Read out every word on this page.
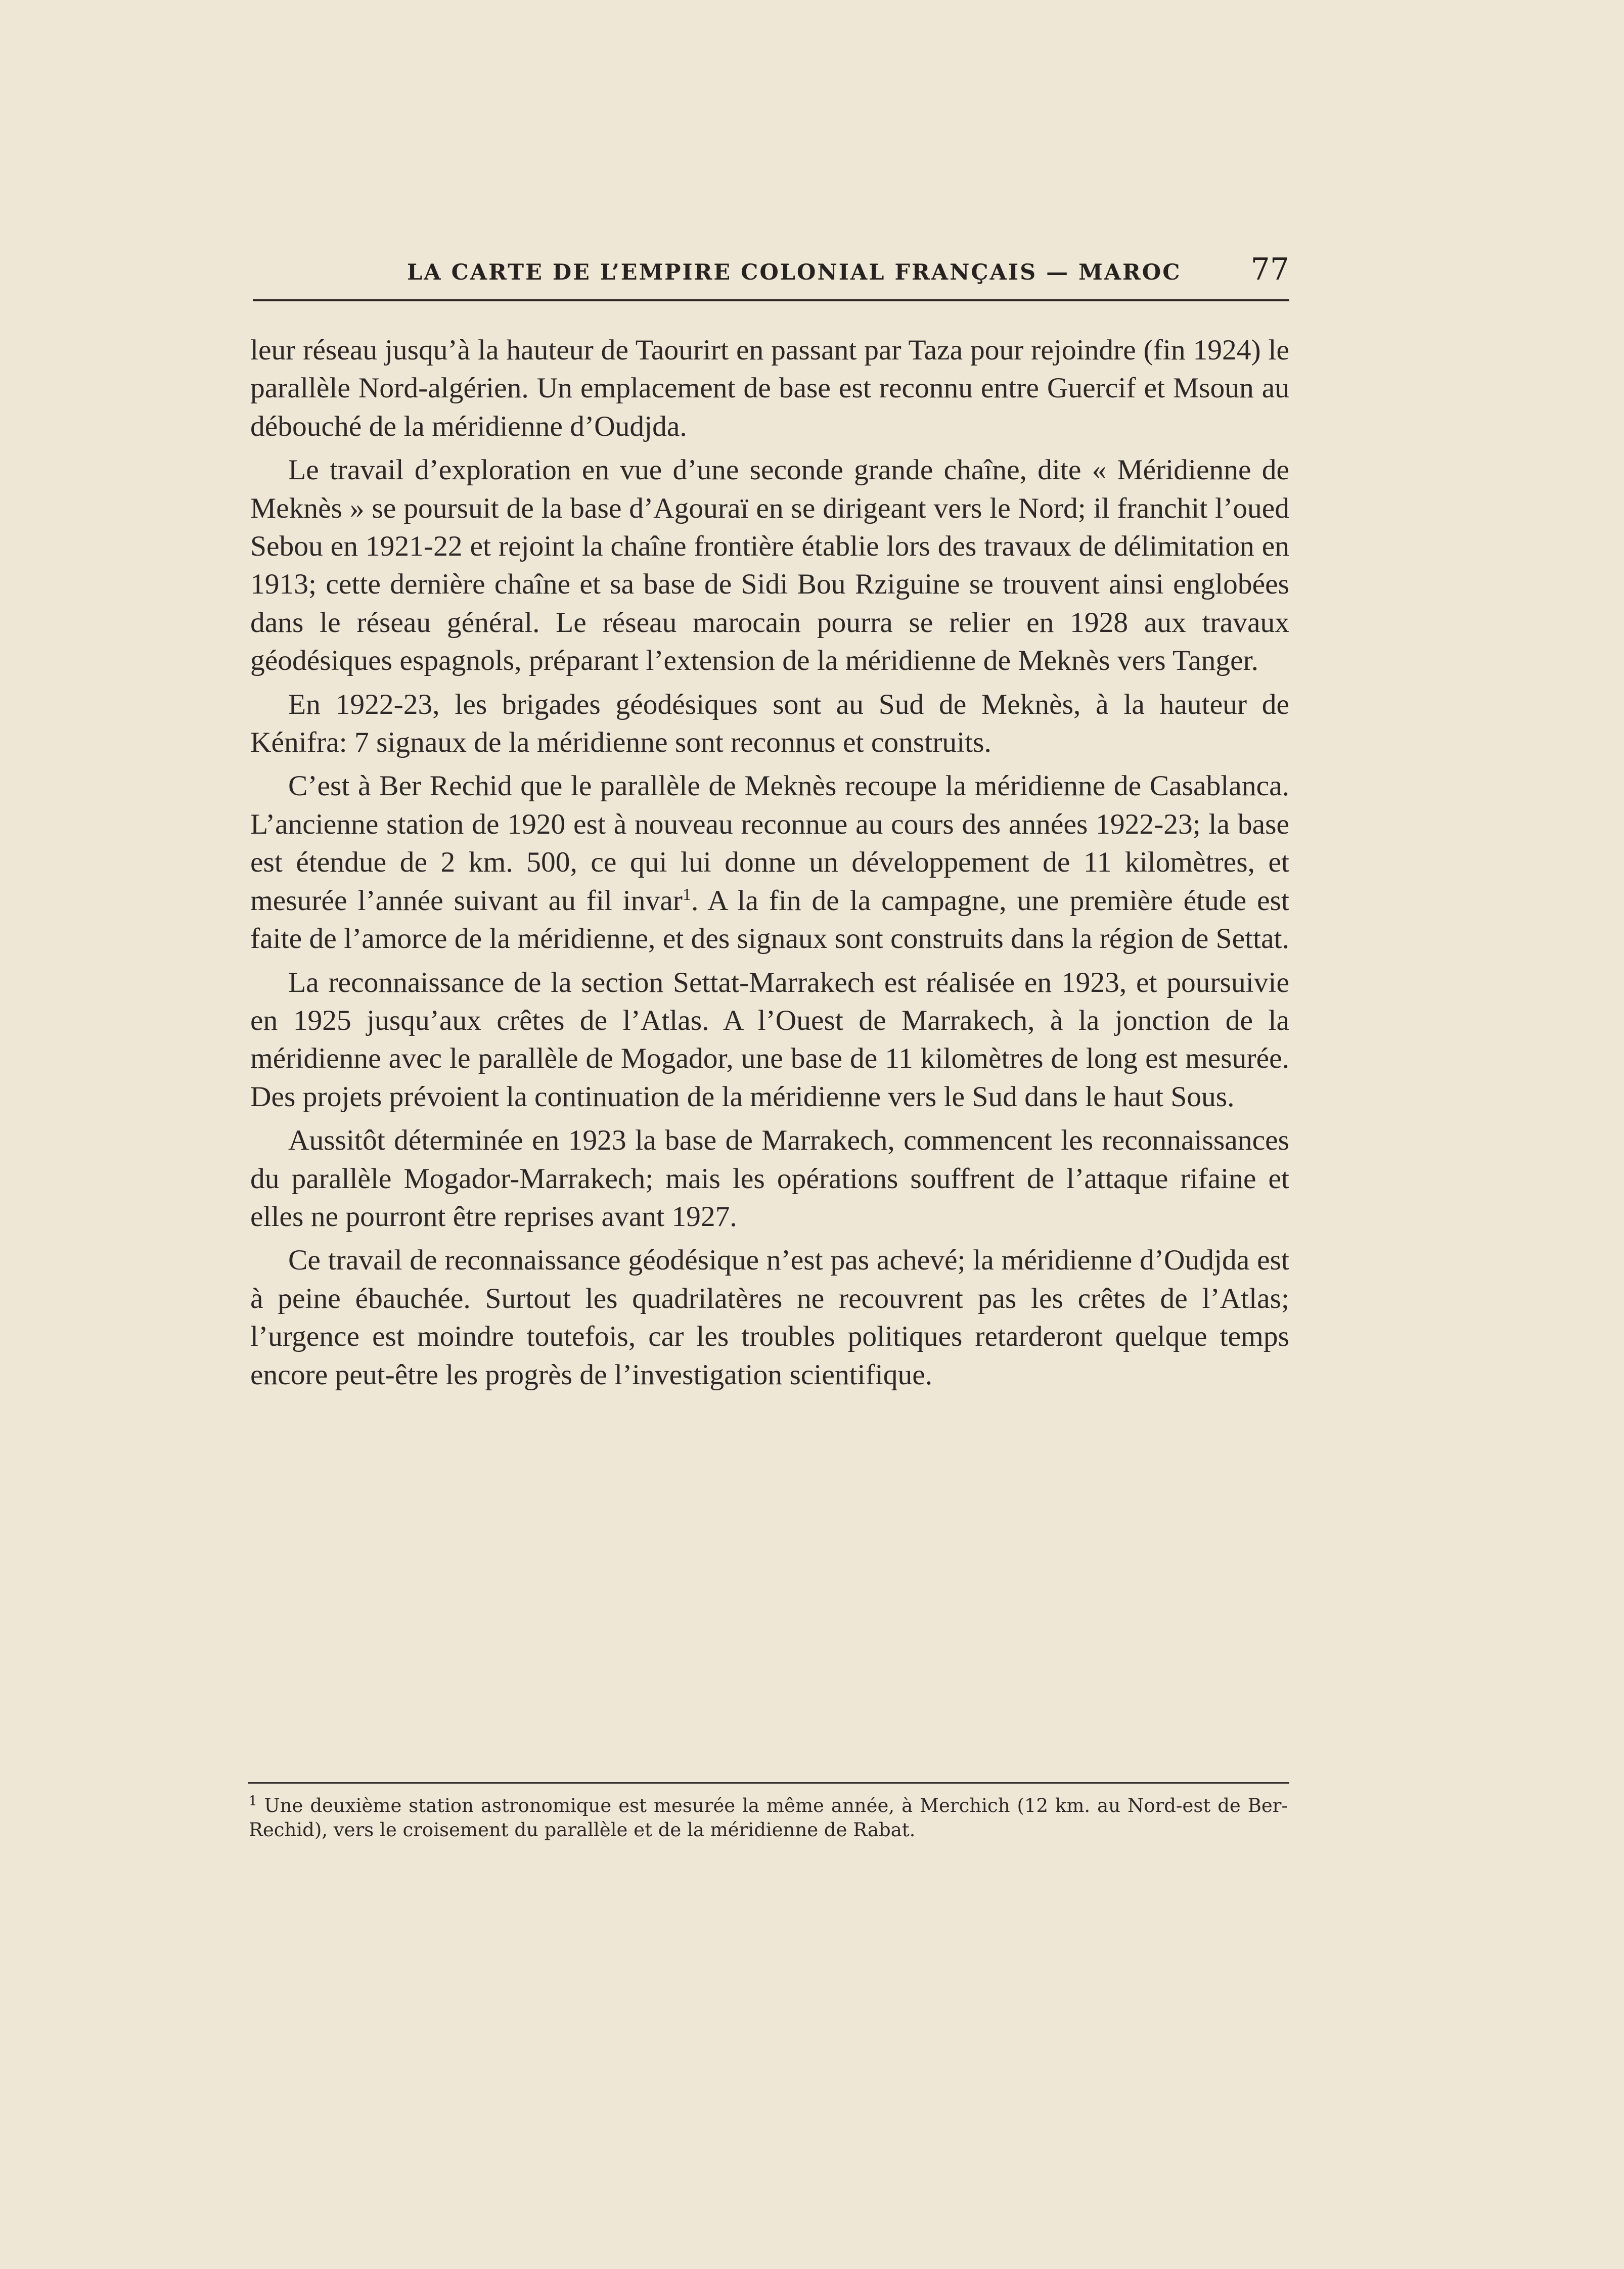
LA CARTE DE L’EMPIRE COLONIAL FRANÇAIS — MAROC 77

leur réseau jusqu’à la hauteur de Taourirt en passant par Taza pour rejoindre (fin 1924) le parallèle Nord-algérien. Un emplacement de base est reconnu entre Guercif et Msoun au débouché de la méridienne d’Oudjda.

Le travail d’exploration en vue d’une seconde grande chaîne, dite « Méridienne de Meknès » se poursuit de la base d’Agouraï en se dirigeant vers le Nord; il franchit l’oued Sebou en 1921-22 et rejoint la chaîne frontière établie lors des travaux de délimitation en 1913; cette dernière chaîne et sa base de Sidi Bou Rziguine se trouvent ainsi englobées dans le réseau général. Le réseau marocain pourra se relier en 1928 aux travaux géodésiques espagnols, préparant l’extension de la méridienne de Meknès vers Tanger.

En 1922-23, les brigades géodésiques sont au Sud de Meknès, à la hauteur de Kénifra: 7 signaux de la méridienne sont reconnus et construits.

C’est à Ber Rechid que le parallèle de Meknès recoupe la méridienne de Casablanca. L’ancienne station de 1920 est à nouveau reconnue au cours des années 1922-23; la base est étendue de 2 km. 500, ce qui lui donne un développement de 11 kilomètres, et mesurée l’année suivant au fil invar$^1$. A la fin de la campagne, une première étude est faite de l’amorce de la méridienne, et des signaux sont construits dans la région de Settat.

La reconnaissance de la section Settat-Marrakech est réalisée en 1923, et poursuivie en 1925 jusqu’aux crêtes de l’Atlas. A l’Ouest de Marrakech, à la jonction de la méridienne avec le parallèle de Mogador, une base de 11 kilomètres de long est mesurée. Des projets prévoient la continuation de la méridienne vers le Sud dans le haut Sous.

Aussitôt déterminée en 1923 la base de Marrakech, commencent les reconnaissances du parallèle Mogador-Marrakech; mais les opérations souffrent de l’attaque rifaine et elles ne pourront être reprises avant 1927.

Ce travail de reconnaissance géodésique n’est pas achevé; la méridienne d’Oudjda est à peine ébauchée. Surtout les quadrilatères ne recouvrent pas les crêtes de l’Atlas; l’urgence est moindre toutefois, car les troubles politiques retarderont quelque temps encore peut-être les progrès de l’investigation scientifique.

$^1$ Une deuxième station astronomique est mesurée la même année, à Merchich (12 km. au Nord-est de Ber-Rechid), vers le croisement du parallèle et de la méridienne de Rabat.
